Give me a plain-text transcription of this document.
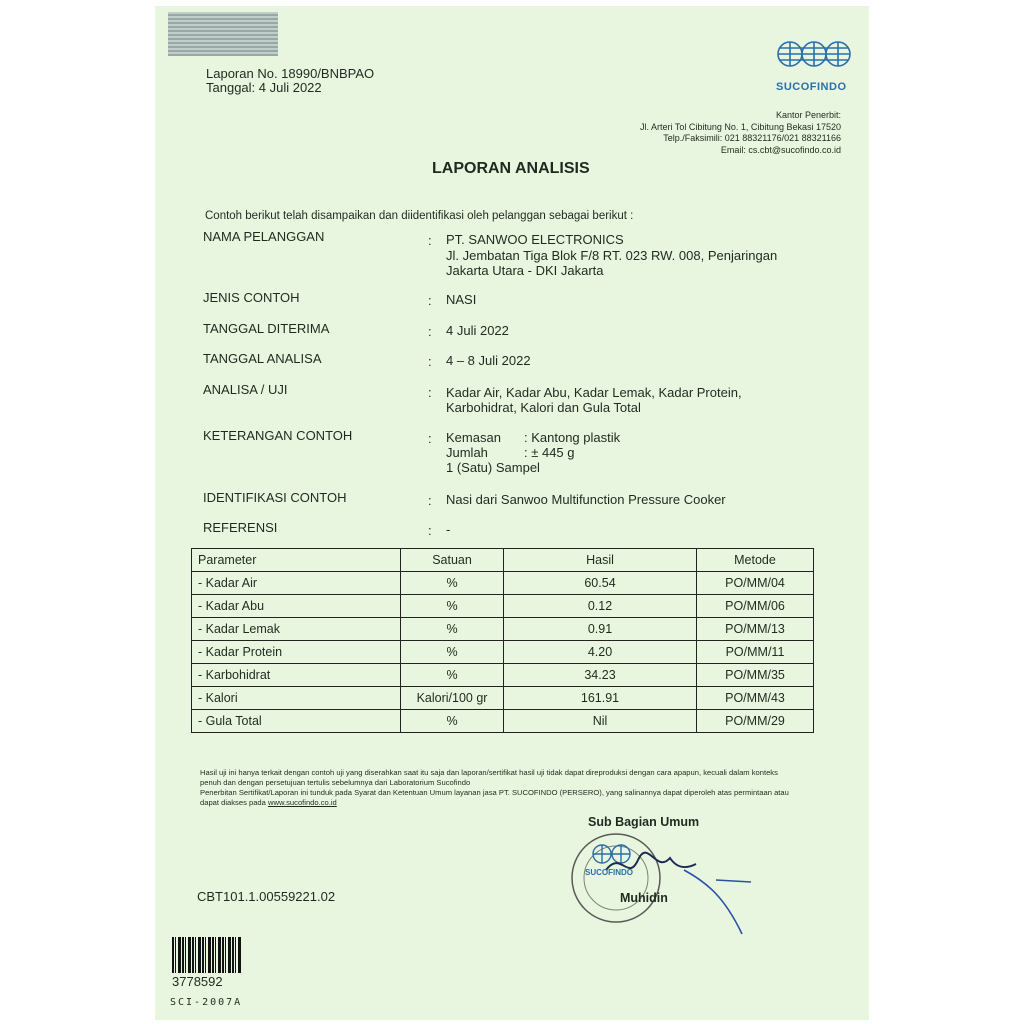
Laporan No. 18990/BNBPAO
Tanggal: 4 Juli 2022	SUCOFINDO
Kantor Penerbit:
Jl. Arteri Tol Cibitung No. 1, Cibitung Bekasi 17520
Telp./Faksimili: 021 88321176/021 88321166
Email: cs.cbt@sucofindo.co.id
LAPORAN ANALISIS
Contoh berikut telah disampaikan dan diidentifikasi oleh pelanggan sebagai berikut :
NAMA PELANGGAN	: PT. SANWOO ELECTRONICS
Jl. Jembatan Tiga Blok F/8 RT. 023 RW. 008, Penjaringan
Jakarta Utara - DKI Jakarta
JENIS CONTOH	: NASI
TANGGAL DITERIMA	: 4 Juli 2022
TANGGAL ANALISA	: 4 – 8 Juli 2022
ANALISA / UJI	: Kadar Air, Kadar Abu, Kadar Lemak, Kadar Protein,
Karbohidrat, Kalori dan Gula Total
KETERANGAN CONTOH	: Kemasan : Kantong plastik
Jumlah	: ± 445 g
1 (Satu) Sampel
IDENTIFIKASI CONTOH	: Nasi dari Sanwoo Multifunction Pressure Cooker
REFERENSI	: -
Parameter	Satuan	Hasil	Metode
- Kadar Air	%	60.54	PO/MM/04
- Kadar Abu	%	0.12	PO/MM/06
- Kadar Lemak	%	0.91	PO/MM/13
- Kadar Protein	%	4.20	PO/MM/11
- Karbohidrat	%	34.23	PO/MM/35
- Kalori	Kalori/100 gr	161.91	PO/MM/43
- Gula Total	%	Nil	PO/MM/29
Hasil uji ini hanya terkait dengan contoh uji yang diserahkan saat itu saja dan laporan/sertifikat hasil uji tidak dapat direproduksi dengan cara apapun, kecuali dalam konteks
penuh dan dengan persetujuan tertulis sebelumnya dari Laboratorium Sucofindo
Penerbitan Sertifikat/Laporan ini tunduk pada Syarat dan Ketentuan Umum layanan jasa PT. SUCOFINDO (PERSERO), yang salinannya dapat diperoleh atas permintaan atau
dapat diakses pada www.sucofindo.co.id
Sub Bagian Umum
SUCOFINDO
Muhidin
CBT101.1.00559221.02
3778592
SCI-2007A
